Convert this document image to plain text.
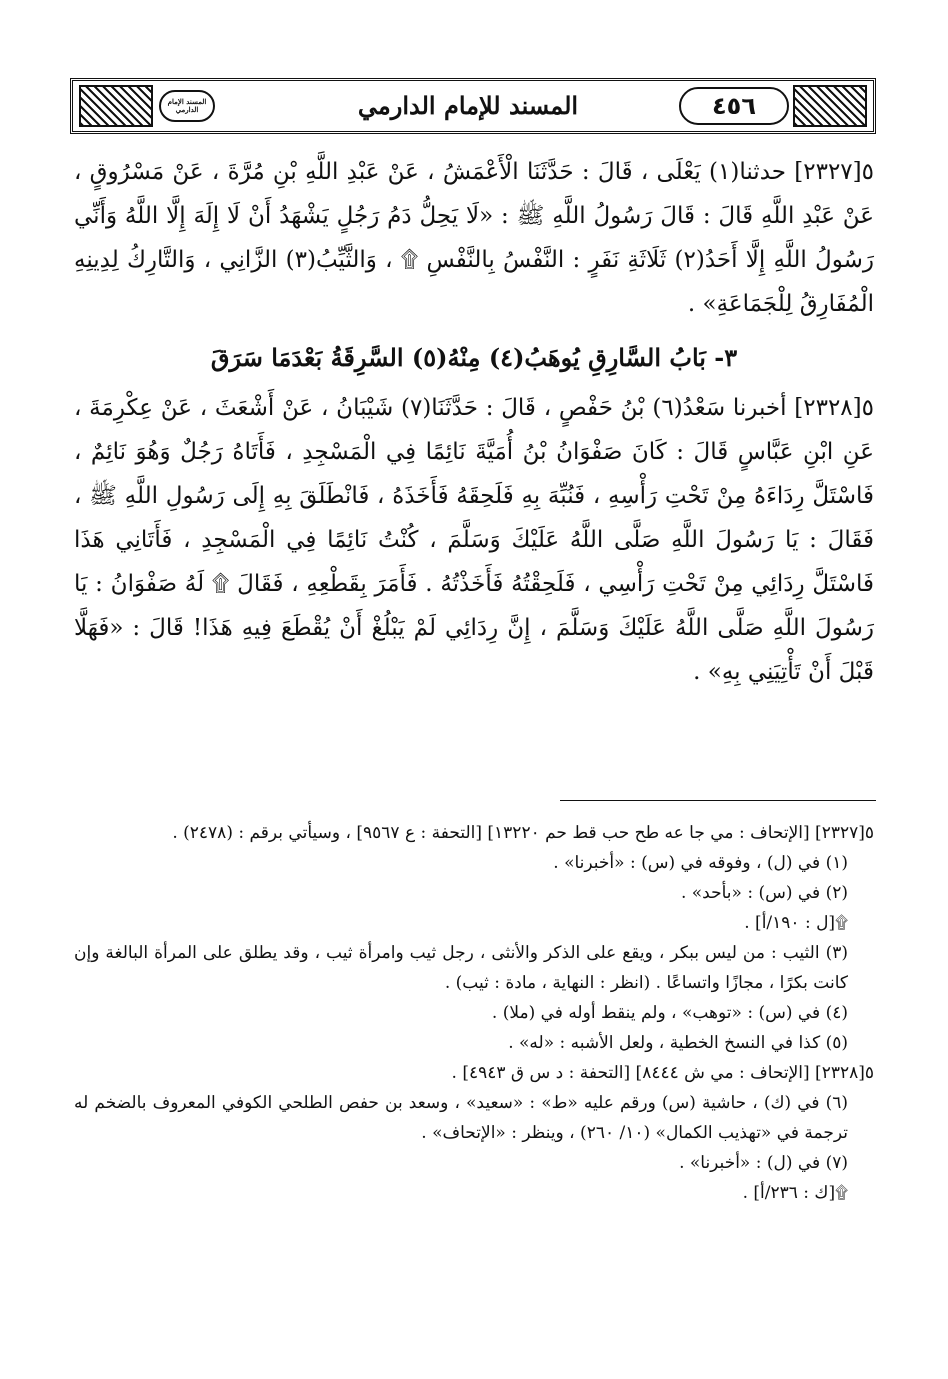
المسند الإمام الدارمي	المسند للإمام الدارمي	٤٥٦

٥[٢٣٢٧] حدثنا(١) يَعْلَى ، قَالَ : حَدَّثَنَا الْأَعْمَشُ ، عَنْ عَبْدِ اللَّهِ بْنِ مُرَّةَ ، عَنْ مَسْرُوقٍ ، عَنْ عَبْدِ اللَّهِ قَالَ : قَالَ رَسُولُ اللَّهِ ﷺ : «لَا يَحِلُّ دَمُ رَجُلٍ يَشْهَدُ أَنْ لَا إِلَهَ إِلَّا اللَّهُ وَأَنِّي رَسُولُ اللَّهِ إِلَّا أَحَدُ(٢) ثَلَاثَةِ نَفَرٍ : النَّفْسُ بِالنَّفْسِ ۩ ، وَالثَّيِّبُ(٣) الزَّانِي ، وَالتَّارِكُ لِدِينِهِ الْمُفَارِقُ لِلْجَمَاعَةِ» .

٣- بَابُ السَّارِقِ يُوهَبُ(٤) مِنْهُ(٥) السَّرِقَةُ بَعْدَمَا سَرَقَ

٥[٢٣٢٨] أخبرنا سَعْدُ(٦) بْنُ حَفْصٍ ، قَالَ : حَدَّثَنَا(٧) شَيْبَانُ ، عَنْ أَشْعَثَ ، عَنْ عِكْرِمَةَ ، عَنِ ابْنِ عَبَّاسٍ قَالَ : كَانَ صَفْوَانُ بْنُ أُمَيَّةَ نَائِمًا فِي الْمَسْجِدِ ، فَأَتَاهُ رَجُلٌ وَهُوَ نَائِمٌ ، فَاسْتَلَّ رِدَاءَهُ مِنْ تَحْتِ رَأْسِهِ ، فَنُبِّهَ بِهِ فَلَحِقَهُ فَأَخَذَهُ ، فَانْطَلَقَ بِهِ إِلَى رَسُولِ اللَّهِ ﷺ ، فَقَالَ : يَا رَسُولَ اللَّهِ صَلَّى اللَّهُ عَلَيْكَ وَسَلَّمَ ، كُنْتُ نَائِمًا فِي الْمَسْجِدِ ، فَأَتَانِي هَذَا فَاسْتَلَّ رِدَائِي مِنْ تَحْتِ رَأْسِي ، فَلَحِقْتُهُ فَأَخَذْتُهُ . فَأَمَرَ بِقَطْعِهِ ، فَقَالَ ۩ لَهُ صَفْوَانُ : يَا رَسُولَ اللَّهِ صَلَّى اللَّهُ عَلَيْكَ وَسَلَّمَ ، إِنَّ رِدَائِي لَمْ يَبْلُغْ أَنْ يُقْطَعَ فِيهِ هَذَا! قَالَ : «فَهَلَّا قَبْلَ أَنْ تَأْتِيَنِي بِهِ» .

٥[٢٣٢٧] [الإتحاف : مي جا عه طح حب قط حم ١٣٢٢٠] [التحفة : ع ٩٥٦٧] ، وسيأتي برقم : (٢٤٧٨) .

(١) في (ل) ، وفوقه في (س) : «أخبرنا» .

(٢) في (س) : «بأحد» .

۩[ل : ١٩٠/أ] .

(٣) الثيب : من ليس ببكر ، ويقع على الذكر والأنثى ، رجل ثيب وامرأة ثيب ، وقد يطلق على المرأة البالغة وإن كانت بكرًا ، مجازًا واتساعًا . (انظر : النهاية ، مادة : ثيب) .

(٤) في (س) : «توهب» ، ولم ينقط أوله في (ملا) .

(٥) كذا في النسخ الخطية ، ولعل الأشبه : «له» .

٥[٢٣٢٨] [الإتحاف : مي ش ٨٤٤٤] [التحفة : د س ق ٤٩٤٣] .

(٦) في (ك) ، حاشية (س) ورقم عليه «ط» : «سعيد» ، وسعد بن حفص الطلحي الكوفي المعروف بالضخم له ترجمة في «تهذيب الكمال» (١٠/ ٢٦٠) ، وينظر : «الإتحاف» .

(٧) في (ل) : «أخبرنا» .

۩[ك : ٢٣٦/أ] .
